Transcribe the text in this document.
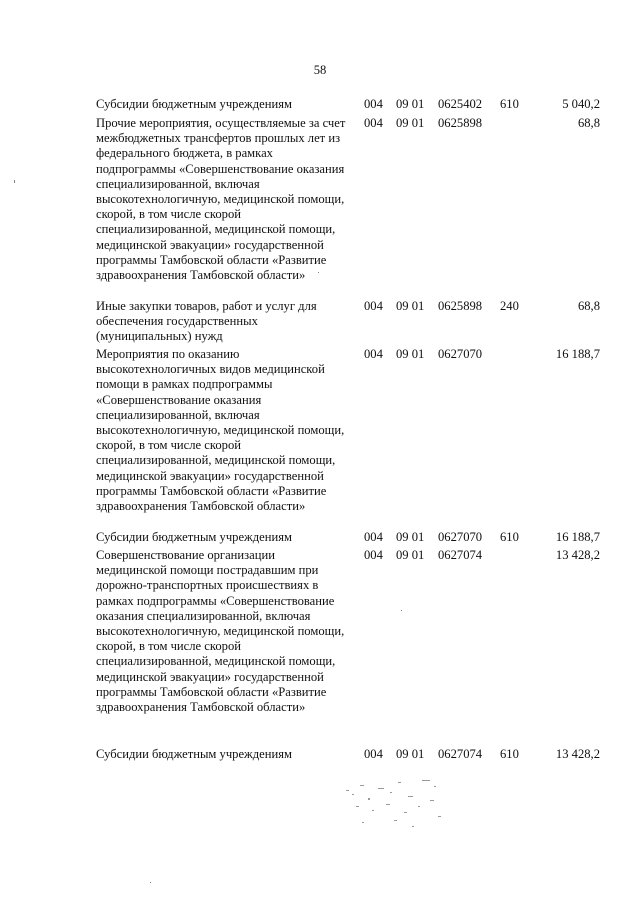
58
Субсидии бюджетным учреждениям	004 09 01 0625402 610	5 040,2
Прочие мероприятия, осуществляемые за счет межбюджетных трансфертов прошлых лет из федерального бюджета, в рамках подпрограммы «Совершенствование оказания специализированной, включая высокотехнологичную, медицинской помощи, скорой, в том числе скорой специализированной, медицинской помощи, медицинской эвакуации» государственной программы Тамбовской области «Развитие здравоохранения Тамбовской области»
004 09 01 0625898	68,8
Иные закупки товаров, работ и услуг для обеспечения государственных (муниципальных) нужд
004 09 01 0625898 240	68,8
Мероприятия по оказанию высокотехнологичных видов медицинской помощи в рамках подпрограммы «Совершенствование оказания специализированной, включая высокотехнологичную, медицинской помощи, скорой, в том числе скорой специализированной, медицинской помощи, медицинской эвакуации» государственной программы Тамбовской области «Развитие здравоохранения Тамбовской области»
004 09 01 0627070	16 188,7
Субсидии бюджетным учреждениям	004 09 01 0627070 610	16 188,7
Совершенствование организации медицинской помощи пострадавшим при дорожно-транспортных происшествиях в рамках подпрограммы «Совершенствование оказания специализированной, включая высокотехнологичную, медицинской помощи, скорой, в том числе скорой специализированной, медицинской помощи, медицинской эвакуации» государственной программы Тамбовской области «Развитие здравоохранения Тамбовской области»
004 09 01 0627074	13 428,2
Субсидии бюджетным учреждениям	004 09 01 0627074 610	13 428,2
